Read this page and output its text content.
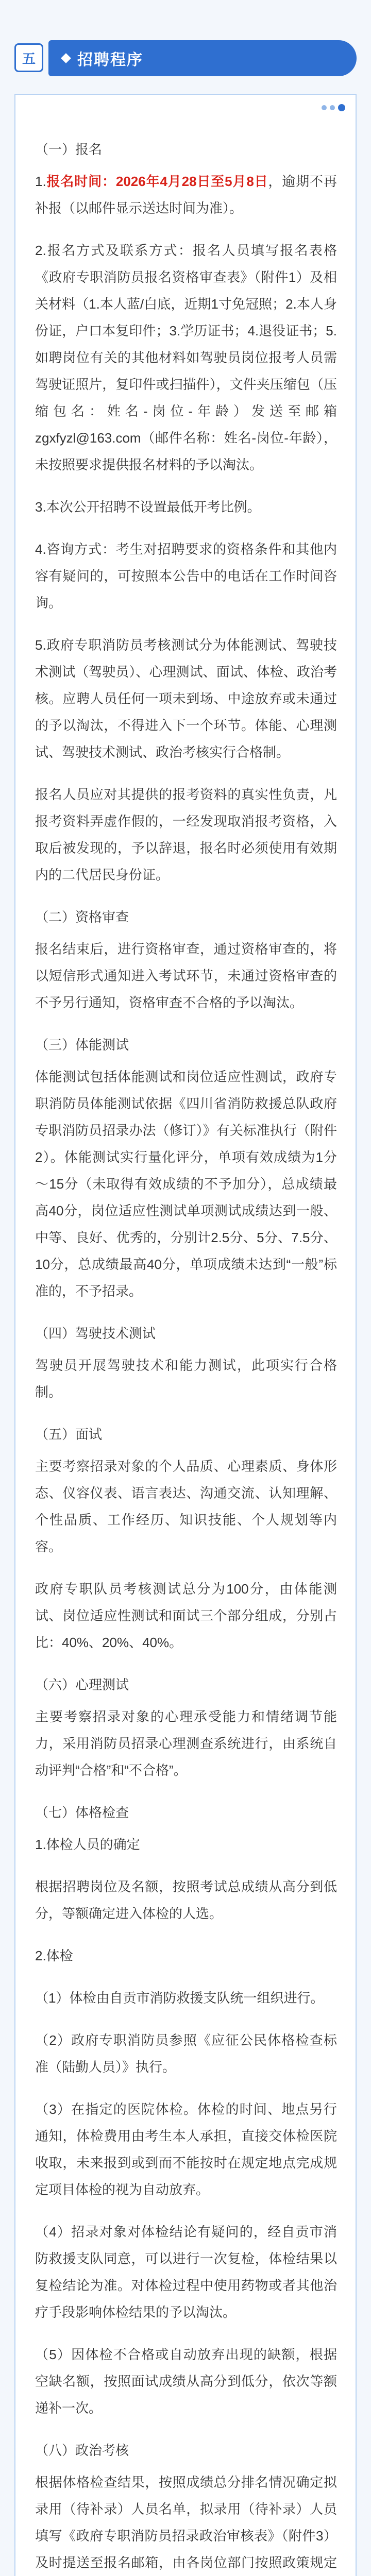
五	招聘程序
（一）报名

1.报名时间：2026年4月28日至5月8日，逾期不再补报（以邮件显示送达时间为准）。

2.报名方式及联系方式：报名人员填写报名表格《政府专职消防员报名资格审查表》（附件1）及相关材料（1.本人蓝/白底，近期1寸免冠照；2.本人身份证，户口本复印件；3.学历证书；4.退役证书；5.如聘岗位有关的其他材料如驾驶员岗位报考人员需驾驶证照片，复印件或扫描件），文件夹压缩包（压缩包名：姓名-岗位-年龄）发送至邮箱zgxfyzl@163.com（邮件名称：姓名-岗位-年龄），未按照要求提供报名材料的予以淘汰。

3.本次公开招聘不设置最低开考比例。

4.咨询方式：考生对招聘要求的资格条件和其他内容有疑问的，可按照本公告中的电话在工作时间咨询。

5.政府专职消防员考核测试分为体能测试、驾驶技术测试（驾驶员）、心理测试、面试、体检、政治考核。应聘人员任何一项未到场、中途放弃或未通过的予以淘汰，不得进入下一个环节。体能、心理测试、驾驶技术测试、政治考核实行合格制。

报名人员应对其提供的报考资料的真实性负责，凡报考资料弄虚作假的，一经发现取消报考资格，入取后被发现的，予以辞退，报名时必须使用有效期内的二代居民身份证。

（二）资格审查

报名结束后，进行资格审查，通过资格审查的，将以短信形式通知进入考试环节，未通过资格审查的不予另行通知，资格审查不合格的予以淘汰。

（三）体能测试

体能测试包括体能测试和岗位适应性测试，政府专职消防员体能测试依据《四川省消防救援总队政府专职消防员招录办法（修订）》有关标准执行（附件2）。体能测试实行量化评分，单项有效成绩为1分～15分（未取得有效成绩的不予加分），总成绩最高40分，岗位适应性测试单项测试成绩达到一般、中等、良好、优秀的，分别计2.5分、5分、7.5分、10分，总成绩最高40分，单项成绩未达到“一般”标准的，不予招录。

（四）驾驶技术测试

驾驶员开展驾驶技术和能力测试，此项实行合格制。

（五）面试

主要考察招录对象的个人品质、心理素质、身体形态、仪容仪表、语言表达、沟通交流、认知理解、个性品质、工作经历、知识技能、个人规划等内容。

政府专职队员考核测试总分为100分，由体能测试、岗位适应性测试和面试三个部分组成，分别占比：40%、20%、40%。

（六）心理测试

主要考察招录对象的心理承受能力和情绪调节能力，采用消防员招录心理测查系统进行，由系统自动评判“合格”和“不合格”。

（七）体格检查

1.体检人员的确定

根据招聘岗位及名额，按照考试总成绩从高分到低分，等额确定进入体检的人选。

2.体检

（1）体检由自贡市消防救援支队统一组织进行。

（2）政府专职消防员参照《应征公民体格检查标准（陆勤人员）》执行。

（3）在指定的医院体检。体检的时间、地点另行通知，体检费用由考生本人承担，直接交体检医院收取，未来报到或到而不能按时在规定地点完成规定项目体检的视为自动放弃。

（4）招录对象对体检结论有疑问的，经自贡市消防救援支队同意，可以进行一次复检，体检结果以复检结论为准。对体检过程中使用药物或者其他治疗手段影响体检结果的予以淘汰。

（5）因体检不合格或自动放弃出现的缺额，根据空缺名额，按照面试成绩从高分到低分，依次等额递补一次。

（八）政治考核

根据体格检查结果，按照成绩总分排名情况确定拟录用（待补录）人员名单，拟录用（待补录）人员填写《政府专职消防员招录政治审核表》（附件3）及时提送至报名邮箱，由各岗位部门按照政策规定
